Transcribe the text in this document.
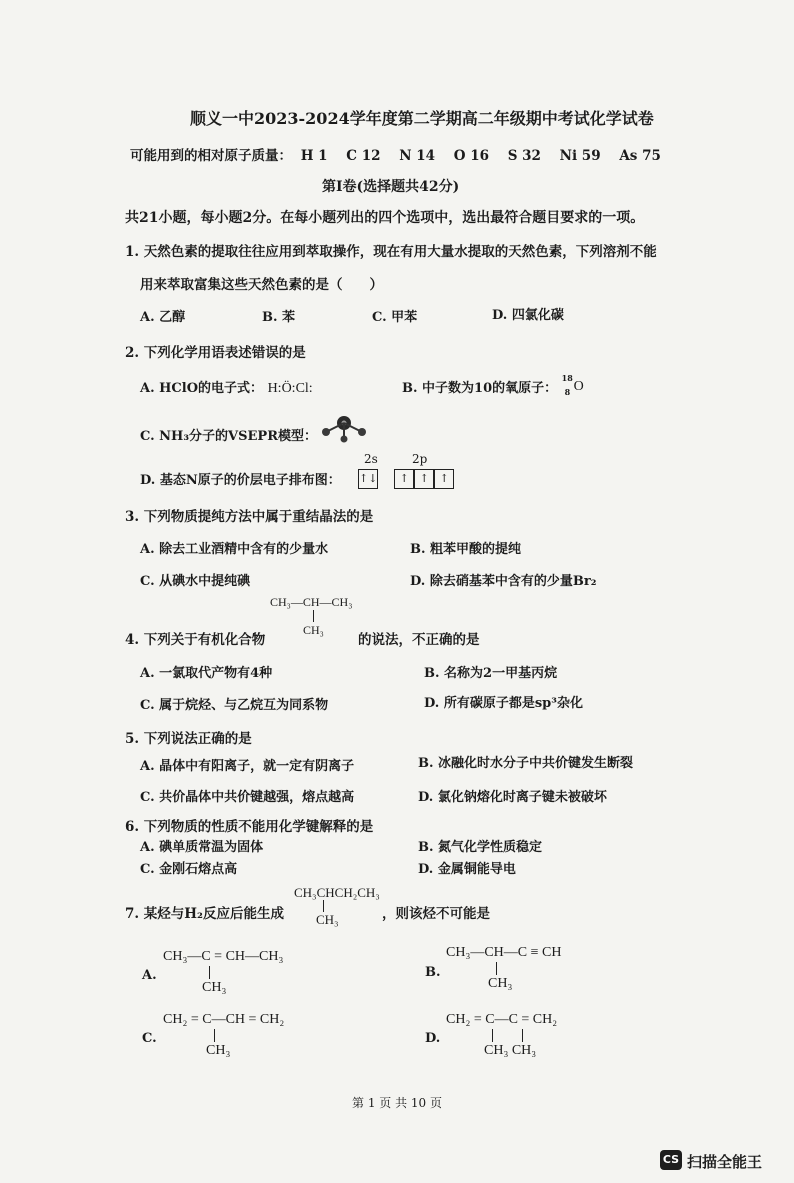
顺义一中2023-2024学年度第二学期高二年级期中考试化学试卷
可能用到的相对原子质量： H 1 C 12 N 14 O 16 S 32 Ni 59 As 75
第I卷(选择题共42分)
共21小题，每小题2分。在每小题列出的四个选项中，选出最符合题目要求的一项。
1. 天然色素的提取往往应用到萃取操作，现在有用大量水提取的天然色素，下列溶剂不能
用来萃取富集这些天然色素的是（　　）
A. 乙醇	B. 苯	C. 甲苯	D. 四氯化碳
2. 下列化学用语表述错误的是
A. HClO的电子式： H:Ö:Cl:	B. 中子数为10的氧原子：
18
8 O
C. NH₃分子的VSEPR模型：
D. 基态N原子的价层电子排布图：
2s	2p
↑↓ ↑ ↑ ↑
3. 下列物质提纯方法中属于重结晶法的是
A. 除去工业酒精中含有的少量水	B. 粗苯甲酸的提纯
C. 从碘水中提纯碘	D. 除去硝基苯中含有的少量Br₂
CH₃—CH—CH₃
CH₃
4. 下列关于有机化合物	的说法，不正确的是
A. 一氯取代产物有4种	B. 名称为2一甲基丙烷
C. 属于烷烃、与乙烷互为同系物	D. 所有碳原子都是sp³杂化
5. 下列说法正确的是
A. 晶体中有阳离子，就一定有阴离子	B. 冰融化时水分子中共价键发生断裂
C. 共价晶体中共价键越强，熔点越高	D. 氯化钠熔化时离子键未被破坏
6. 下列物质的性质不能用化学键解释的是
A. 碘单质常温为固体	B. 氮气化学性质稳定
C. 金刚石熔点高	D. 金属铜能导电
CH₃CHCH₂CH₃
CH₃
7. 某烃与H₂反应后能生成	，则该烃不可能是
A.
CH₃—C = CH—CH₃
CH₃
B.
CH₃—CH—C ≡ CH
CH₃
C.
CH₂ = C—CH = CH₂
CH₃
D.
CH₂ = C—C = CH₂
CH₃ CH₃
第 1 页 共 10 页
CS 扫描全能王
